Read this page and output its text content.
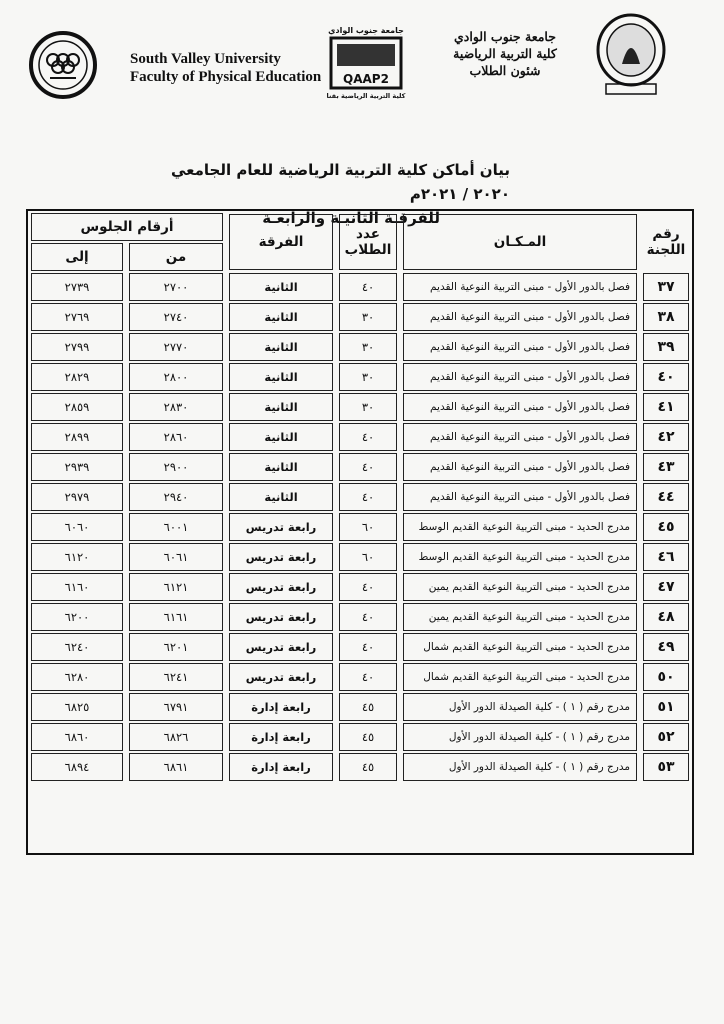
South Valley University
Faculty of Physical Education
جامعة جنوب الوادي
QAAP2
كلية التربية الرياضية بقنا
جامعة جنوب الوادي
كلية التربية الرياضية
شئون الطلاب
بيان أماكن كلية التربية الرياضية للعام الجامعي ٢٠٢٠ / ٢٠٢١م
للفرقـة الثانيـة والرابعـة
رقم اللجنة	المـكـان	عدد الطلاب	الفرقة	أرقام الجلوس	

من	إلى

٣٧	فصل بالدور الأول - مبنى التربية النوعية القديم	٤٠	الثانية	٢٧٠٠	٢٧٣٩

٣٨	فصل بالدور الأول - مبنى التربية النوعية القديم	٣٠	الثانية	٢٧٤٠	٢٧٦٩

٣٩	فصل بالدور الأول - مبنى التربية النوعية القديم	٣٠	الثانية	٢٧٧٠	٢٧٩٩

٤٠	فصل بالدور الأول - مبنى التربية النوعية القديم	٣٠	الثانية	٢٨٠٠	٢٨٢٩

٤١	فصل بالدور الأول - مبنى التربية النوعية القديم	٣٠	الثانية	٢٨٣٠	٢٨٥٩

٤٢	فصل بالدور الأول - مبنى التربية النوعية القديم	٤٠	الثانية	٢٨٦٠	٢٨٩٩

٤٣	فصل بالدور الأول - مبنى التربية النوعية القديم	٤٠	الثانية	٢٩٠٠	٢٩٣٩

٤٤	فصل بالدور الأول - مبنى التربية النوعية القديم	٤٠	الثانية	٢٩٤٠	٢٩٧٩

٤٥	مدرج الحديد - مبنى التربية النوعية القديم الوسط	٦٠	رابعة تدريس	٦٠٠١	٦٠٦٠

٤٦	مدرج الحديد - مبنى التربية النوعية القديم الوسط	٦٠	رابعة تدريس	٦٠٦١	٦١٢٠

٤٧	مدرج الحديد - مبنى التربية النوعية القديم يمين	٤٠	رابعة تدريس	٦١٢١	٦١٦٠

٤٨	مدرج الحديد - مبنى التربية النوعية القديم يمين	٤٠	رابعة تدريس	٦١٦١	٦٢٠٠

٤٩	مدرج الحديد - مبنى التربية النوعية القديم شمال	٤٠	رابعة تدريس	٦٢٠١	٦٢٤٠

٥٠	مدرج الحديد - مبنى التربية النوعية القديم شمال	٤٠	رابعة تدريس	٦٢٤١	٦٢٨٠

٥١	مدرج رقم ( ١ ) - كلية الصيدلة الدور الأول	٤٥	رابعة إدارة	٦٧٩١	٦٨٢٥

٥٢	مدرج رقم ( ١ ) - كلية الصيدلة الدور الأول	٤٥	رابعة إدارة	٦٨٢٦	٦٨٦٠

٥٣	مدرج رقم ( ١ ) - كلية الصيدلة الدور الأول	٤٥	رابعة إدارة	٦٨٦١	٦٨٩٤
